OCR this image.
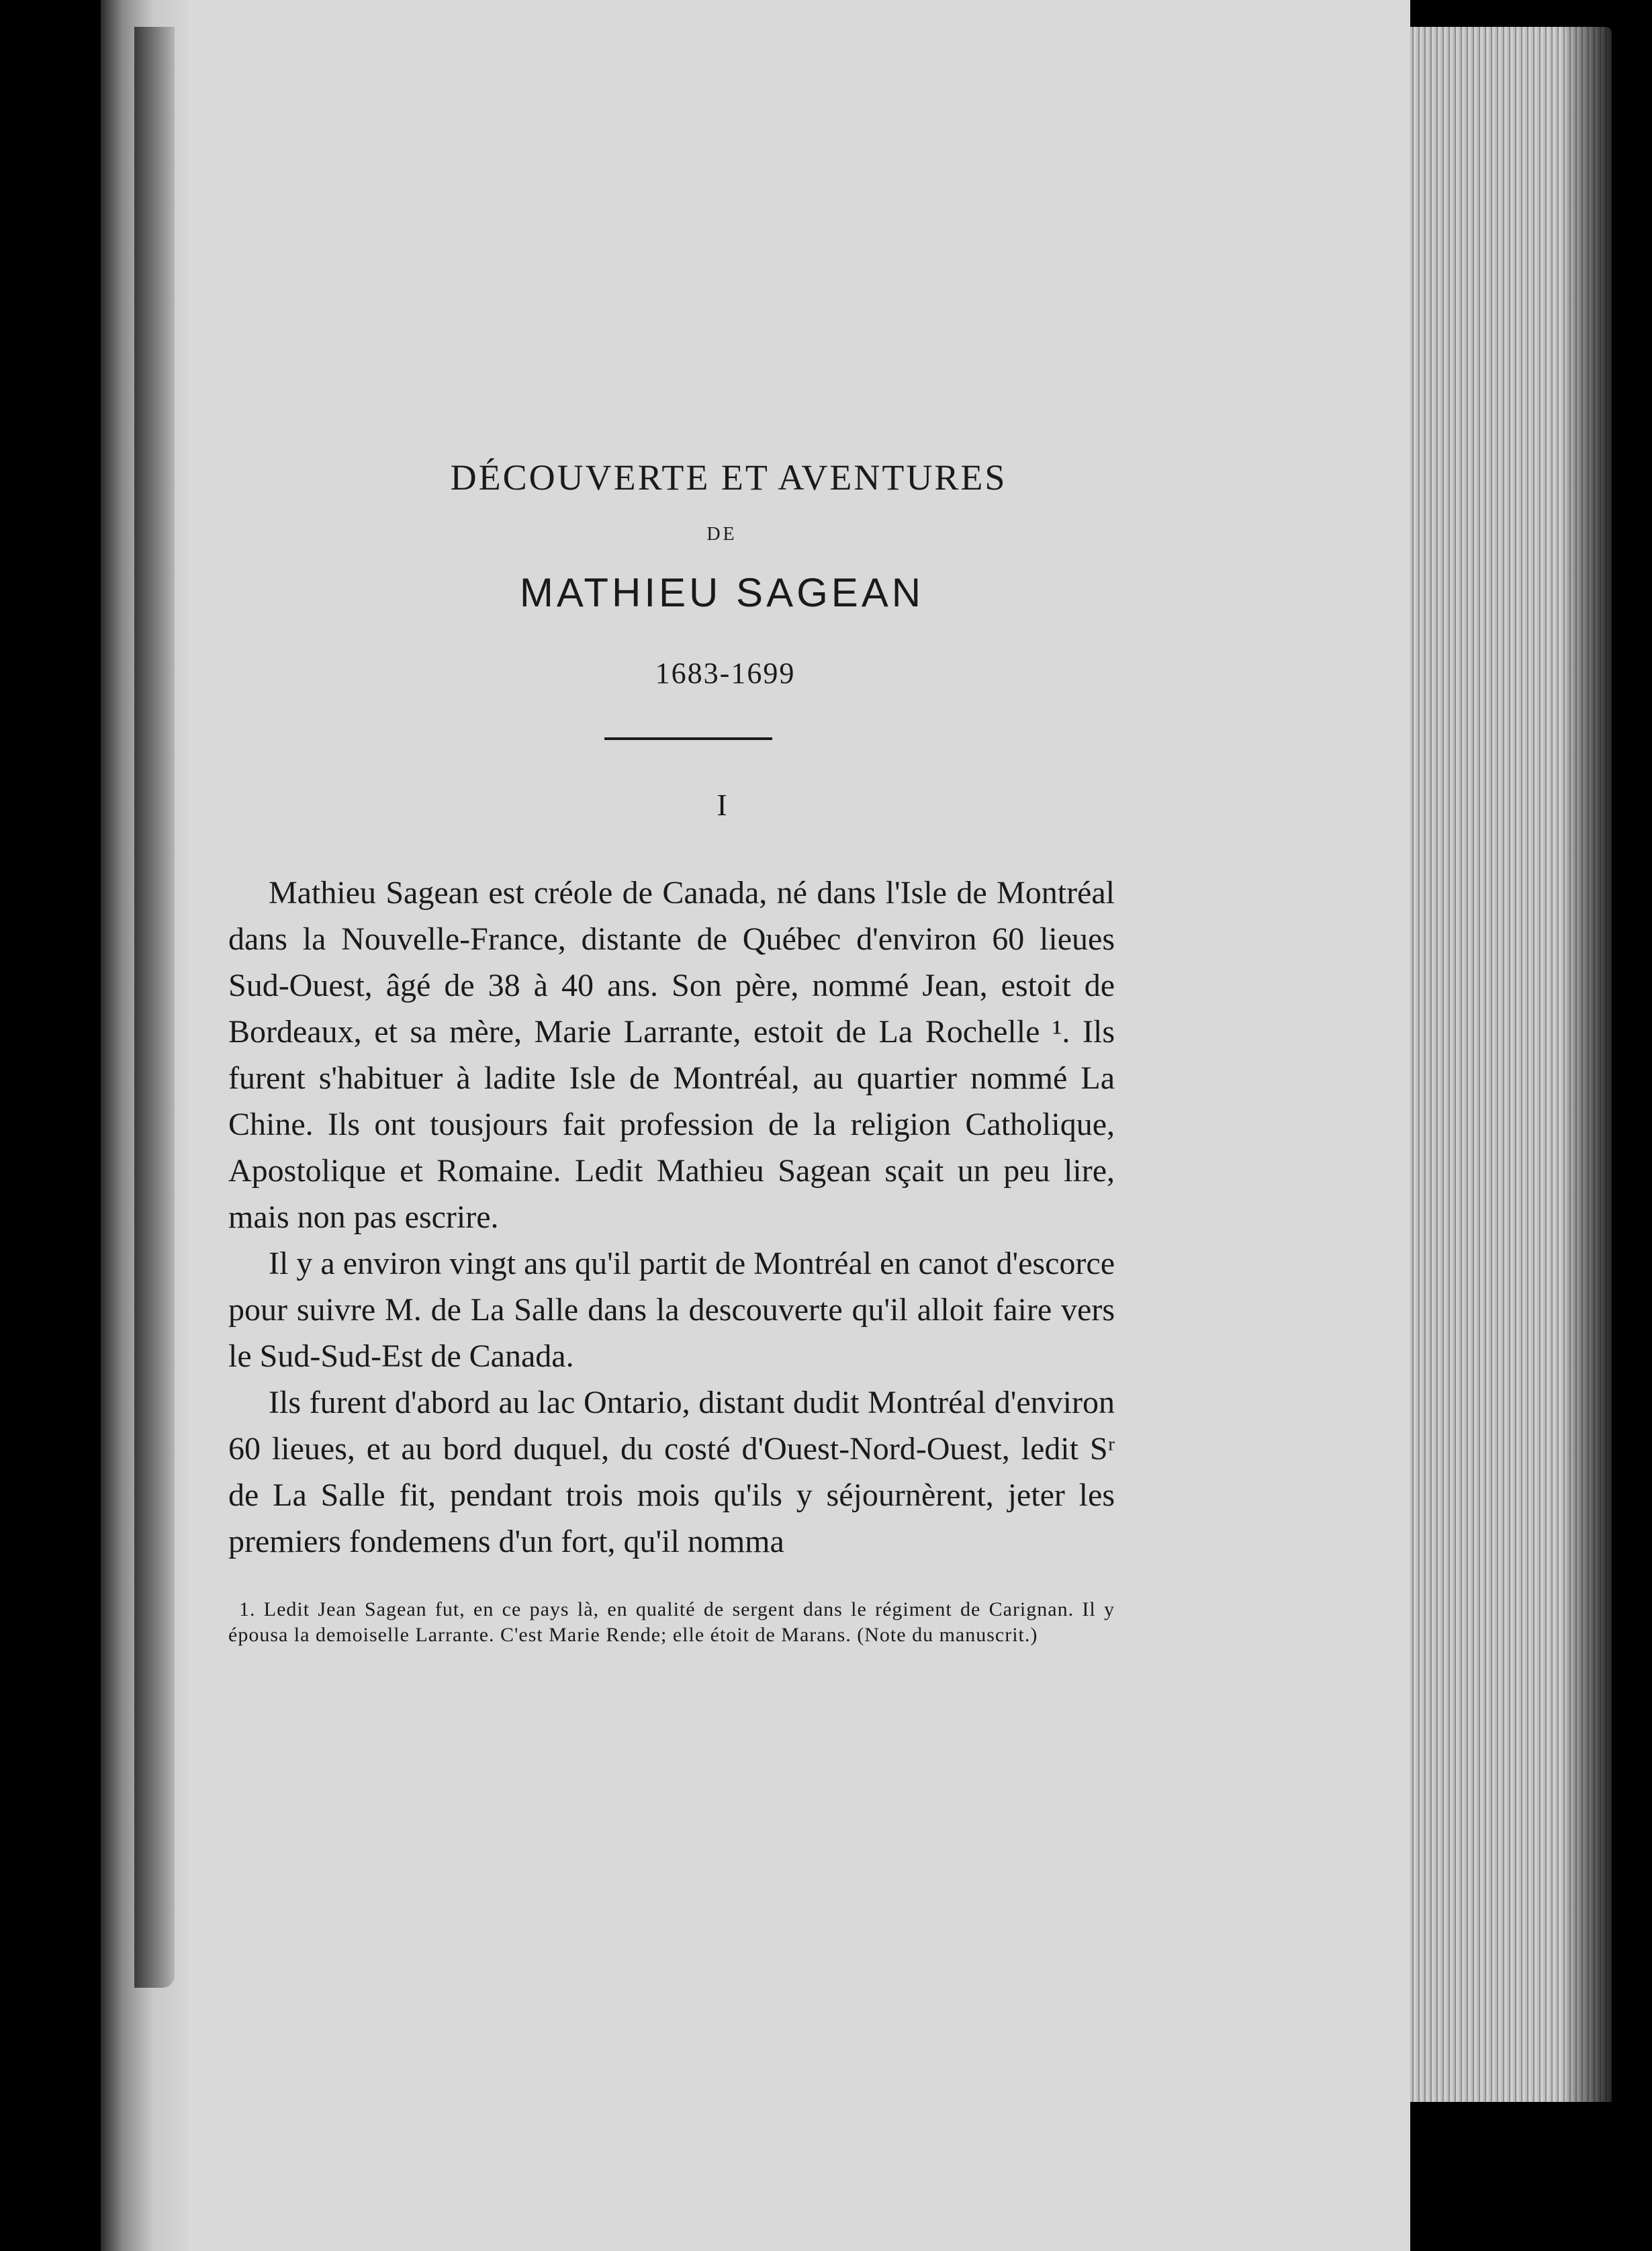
DÉCOUVERTE ET AVENTURES
DE
MATHIEU SAGEAN
1683-1699
I

Mathieu Sagean est créole de Canada, né dans l'Isle de Montréal dans la Nouvelle-France, distante de Québec d'environ 60 lieues Sud-Ouest, âgé de 38 à 40 ans. Son père, nommé Jean, estoit de Bordeaux, et sa mère, Marie Larrante, estoit de La Rochelle ¹. Ils furent s'habituer à ladite Isle de Montréal, au quartier nommé La Chine. Ils ont tousjours fait profession de la religion Catholique, Apostolique et Romaine. Ledit Mathieu Sagean sçait un peu lire, mais non pas escrire.

Il y a environ vingt ans qu'il partit de Montréal en canot d'escorce pour suivre M. de La Salle dans la descouverte qu'il alloit faire vers le Sud-Sud-Est de Canada.

Ils furent d'abord au lac Ontario, distant dudit Montréal d'environ 60 lieues, et au bord duquel, du costé d'Ouest-Nord-Ouest, ledit Sʳ de La Salle fit, pendant trois mois qu'ils y séjournèrent, jeter les premiers fondemens d'un fort, qu'il nomma

1. Ledit Jean Sagean fut, en ce pays là, en qualité de sergent dans le régiment de Carignan. Il y épousa la demoiselle Larrante. C'est Marie Rende; elle étoit de Marans. (Note du manuscrit.)
